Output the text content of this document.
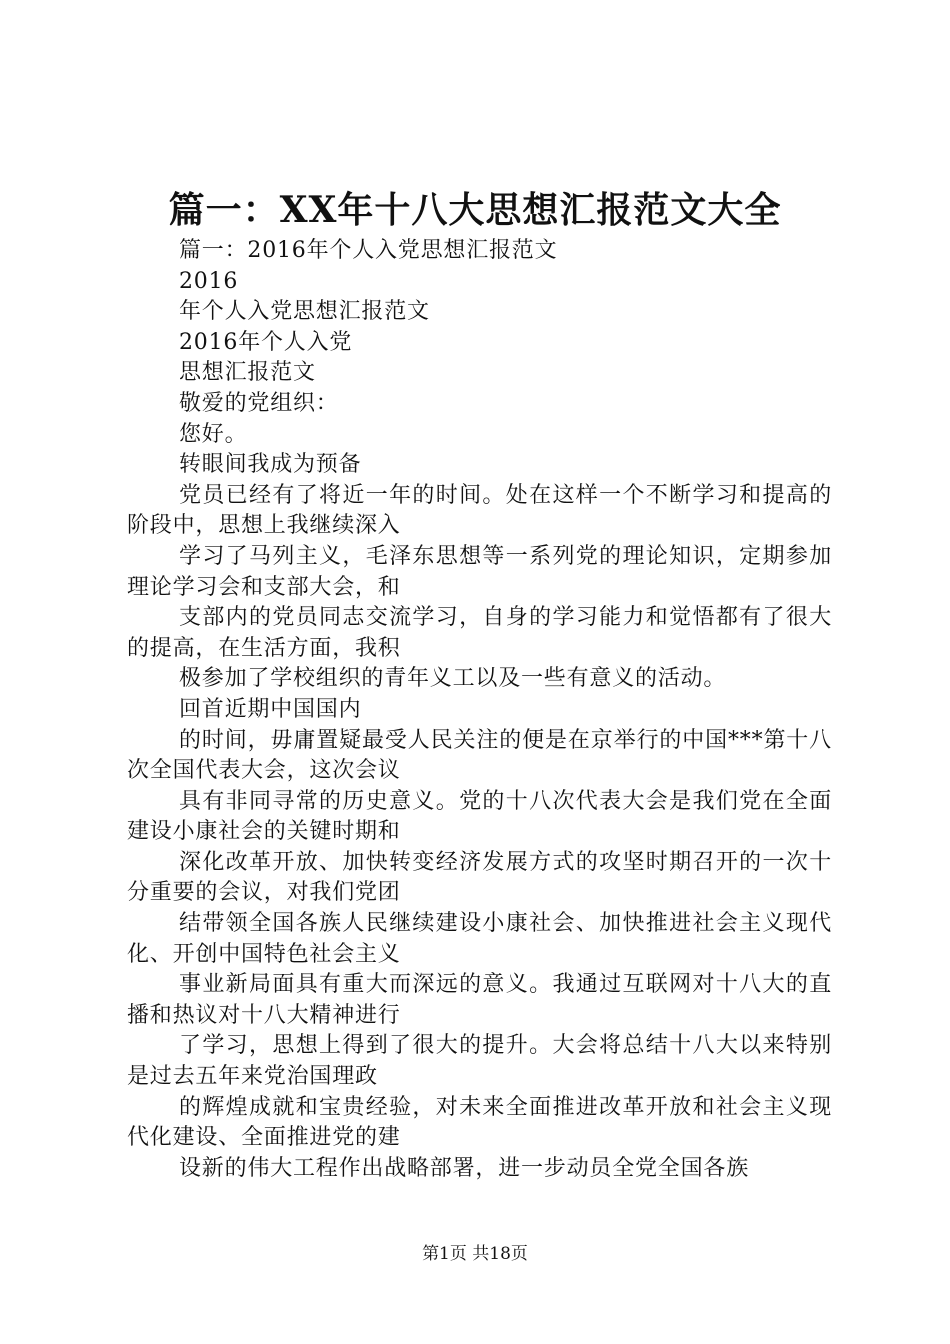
篇一：XX年十八大思想汇报范文大全

篇一：2016年个人入党思想汇报范文

2016

年个人入党思想汇报范文

2016年个人入党

思想汇报范文

敬爱的党组织：

您好。

转眼间我成为预备

党员已经有了将近一年的时间。处在这样一个不断学习和提高的阶段中，思想上我继续深入

学习了马列主义，毛泽东思想等一系列党的理论知识，定期参加理论学习会和支部大会，和

支部内的党员同志交流学习，自身的学习能力和觉悟都有了很大的提高，在生活方面，我积

极参加了学校组织的青年义工以及一些有意义的活动。

回首近期中国国内

的时间，毋庸置疑最受人民关注的便是在京举行的中国***第十八次全国代表大会，这次会议

具有非同寻常的历史意义。党的十八次代表大会是我们党在全面建设小康社会的关键时期和

深化改革开放、加快转变经济发展方式的攻坚时期召开的一次十分重要的会议，对我们党团

结带领全国各族人民继续建设小康社会、加快推进社会主义现代化、开创中国特色社会主义

事业新局面具有重大而深远的意义。我通过互联网对十八大的直播和热议对十八大精神进行

了学习，思想上得到了很大的提升。大会将总结十八大以来特别是过去五年来党治国理政

的辉煌成就和宝贵经验，对未来全面推进改革开放和社会主义现代化建设、全面推进党的建

设新的伟大工程作出战略部署，进一步动员全党全国各族

第1页 共18页
